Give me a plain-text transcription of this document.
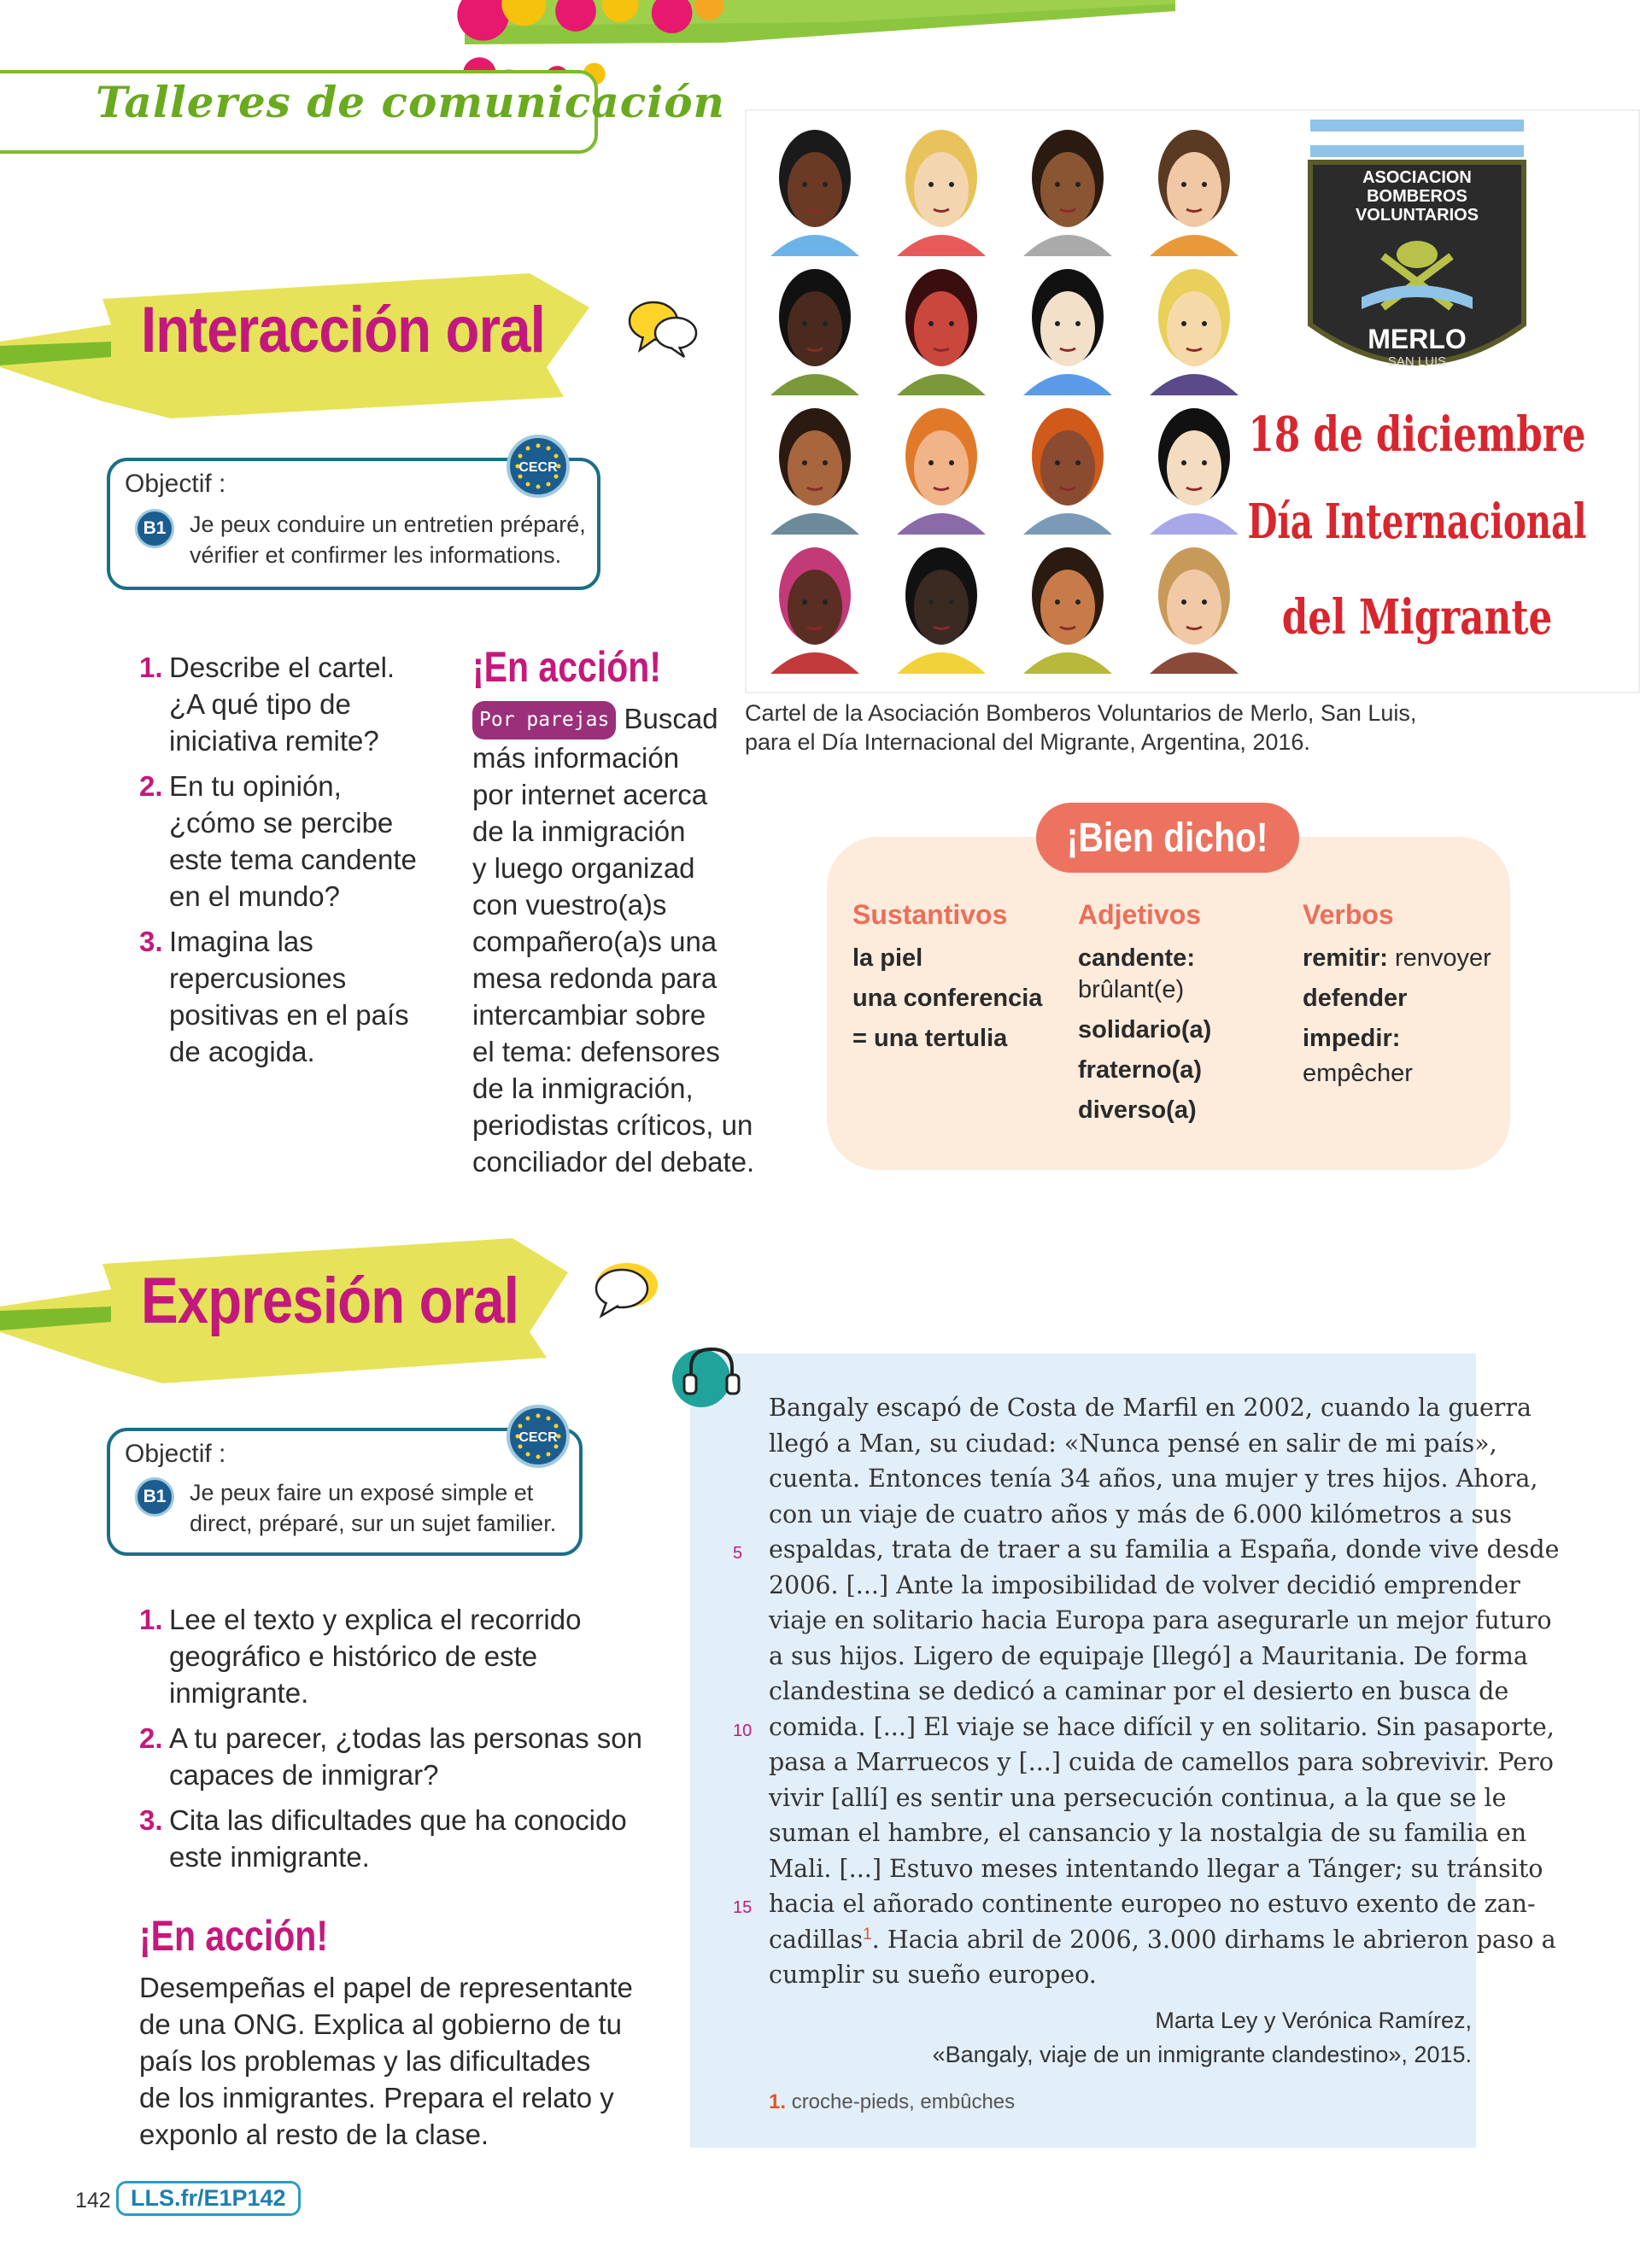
Talleres de comunicación
Interacción oral
Objectif :
B1	Je peux conduire un entretien préparé,
vérifier et confirmer les informations.
CECR
1. Describe el cartel.
¿A qué tipo de
iniciativa remite?
2. En tu opinión,
¿cómo se percibe
este tema candente
en el mundo?
3. Imagina las
repercusiones
positivas en el país
de acogida.
¡En acción!
Por parejas Buscad
más información
por internet acerca
de la inmigración
y luego organizad
con vuestro(a)s
compañero(a)s una
mesa redonda para
intercambiar sobre
el tema: defensores
de la inmigración,
periodistas críticos, un
conciliador del debate.
ASOCIACION
BOMBEROS
VOLUNTARIOS
MERLO
SAN LUIS
18 de diciembre
Día Internacional
del Migrante
Cartel de la Asociación Bomberos Voluntarios de Merlo, San Luis,
para el Día Internacional del Migrante, Argentina, 2016.
¡Bien dicho!
Sustantivos
la piel
una conferencia
= una tertulia
Adjetivos
candente:
brûlant(e)
solidario(a)
fraterno(a)
diverso(a)
Verbos
remitir: renvoyer
defender
impedir:
empêcher
Expresión oral
Objectif :
B1	Je peux faire un exposé simple et
direct, préparé, sur un sujet familier.
CECR
1. Lee el texto y explica el recorrido
geográfico e histórico de este
inmigrante.
2. A tu parecer, ¿todas las personas son
capaces de inmigrar?
3. Cita las dificultades que ha conocido
este inmigrante.
¡En acción!
Desempeñas el papel de representante
de una ONG. Explica al gobierno de tu
país los problemas y las dificultades
de los inmigrantes. Prepara el relato y
exponlo al resto de la clase.
Bangaly escapó de Costa de Marfil en 2002, cuando la guerra
llegó a Man, su ciudad: «Nunca pensé en salir de mi país»,
cuenta. Entonces tenía 34 años, una mujer y tres hijos. Ahora,
con un viaje de cuatro años y más de 6.000 kilómetros a sus
espaldas, trata de traer a su familia a España, donde vive desde
2006. [...] Ante la imposibilidad de volver decidió emprender
viaje en solitario hacia Europa para asegurarle un mejor futuro
a sus hijos. Ligero de equipaje [llegó] a Mauritania. De forma
clandestina se dedicó a caminar por el desierto en busca de
comida. [...] El viaje se hace difícil y en solitario. Sin pasaporte,
pasa a Marruecos y [...] cuida de camellos para sobrevivir. Pero
vivir [allí] es sentir una persecución continua, a la que se le
suman el hambre, el cansancio y la nostalgia de su familia en
Mali. [...] Estuvo meses intentando llegar a Tánger; su tránsito
hacia el añorado continente europeo no estuvo exento de zan-
cadillas$^1$. Hacia abril de 2006, 3.000 dirhams le abrieron paso a
cumplir su sueño europeo.
5
10
15
Marta Ley y Verónica Ramírez,
«Bangaly, viaje de un inmigrante clandestino», 2015.
1. croche-pieds, embûches
142 LLS.fr/E1P142
